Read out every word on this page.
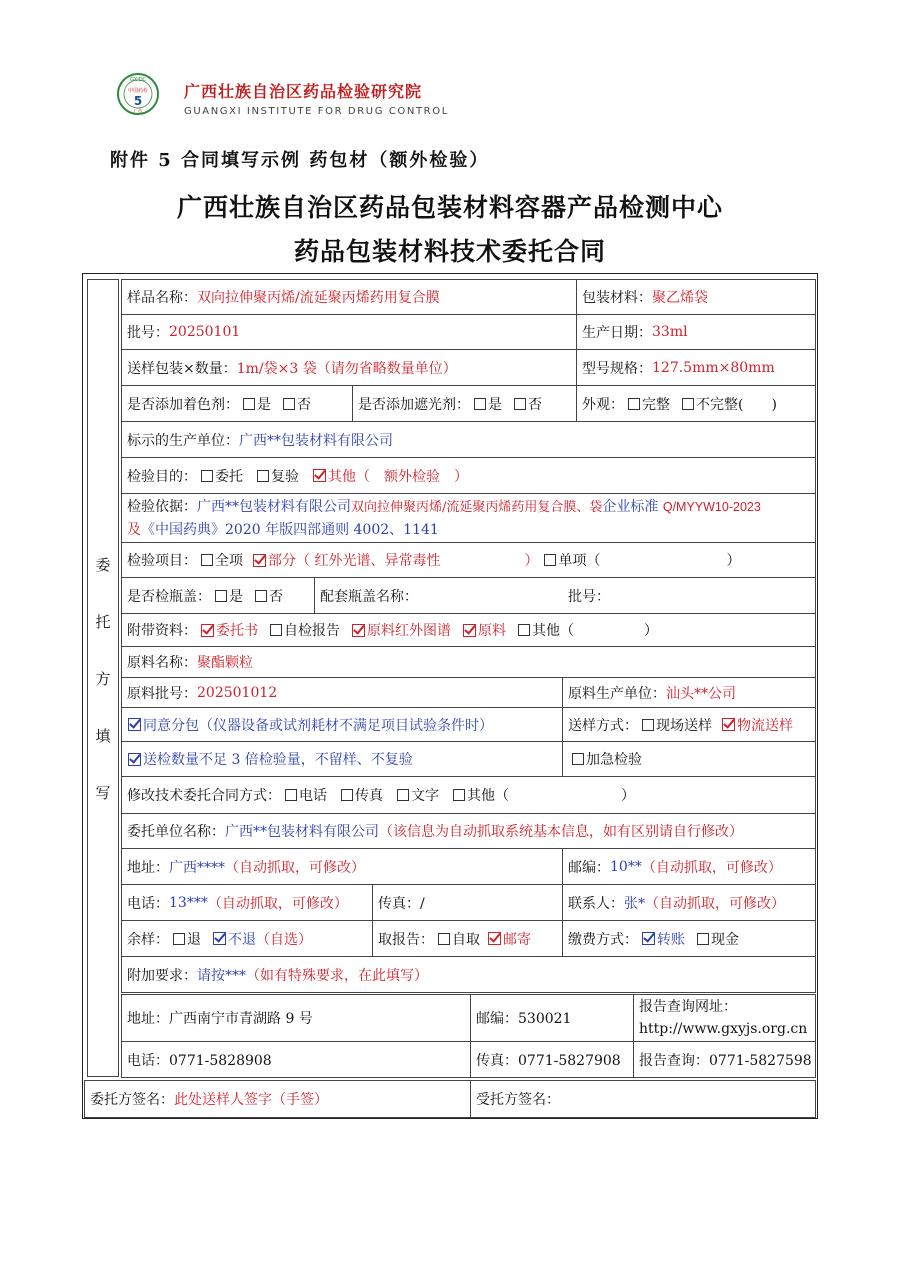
GXIDC
中国药检
5
广西
广西壮族自治区药品检验研究院
GUANGXI INSTITUTE FOR DRUG CONTROL
附件 5 合同填写示例 药包材（额外检验）
广西壮族自治区药品包装材料容器产品检测中心
药品包装材料技术委托合同
委
托
方
填
写
样品名称： 双向拉伸聚丙烯/流延聚丙烯药用复合膜	包装材料： 聚乙烯袋
批号： 20250101	生产日期： 33ml
送样包装×数量： 1m/袋×3 袋（请勿省略数量单位）	型号规格： 127.5mm×80mm
是否添加着色剂： 是 否	是否添加遮光剂： 是 否	外观： 完整 不完整(　　)
标示的生产单位： 广西**包装材料有限公司
检验目的： 委托 复验 其他（　额外检验　）
检验依据：广西**包装材料有限公司双向拉伸聚丙烯/流延聚丙烯药用复合膜、袋企业标准 Q/MYYW10-2023
及《中国药典》2020 年版四部通则 4002、1141
检验项目： 全项 部分（ 红外光谱、异常毒性　　　　　　） 单项（　　　　　　　　　）
是否检瓶盖： 是 否	配套瓶盖名称：	批号：
附带资料： 委托书 自检报告 原料红外图谱 原料 其他（　　　　　）
原料名称： 聚酯颗粒
原料批号： 202501012	原料生产单位： 汕头**公司
同意分包（仪器设备或试剂耗材不满足项目试验条件时）	送样方式： 现场送样 物流送样
送检数量不足 3 倍检验量，不留样、不复验	加急检验
修改技术委托合同方式： 电话 传真 文字 其他（　　　　　　　　）
委托单位名称： 广西**包装材料有限公司 （该信息为自动抓取系统基本信息，如有区别请自行修改）
地址： 广西**** （自动抓取，可修改）	邮编： 10** （自动抓取，可修改）
电话： 13*** （自动抓取，可修改） 传真：/	联系人： 张* （自动抓取，可修改）
余样： 退 不退 （自选）	取报告： 自取 邮寄	缴费方式： 转账 现金
附加要求： 请按*** （如有特殊要求，在此填写）
地址：广西南宁市青湖路 9 号	邮编：530021
报告查询网址：
http://www.gxyjs.org.cn
电话：0771-5828908	传真：0771-5827908	报告查询：0771-5827598
委托方签名： 此处送样人签字（手签）	受托方签名：
